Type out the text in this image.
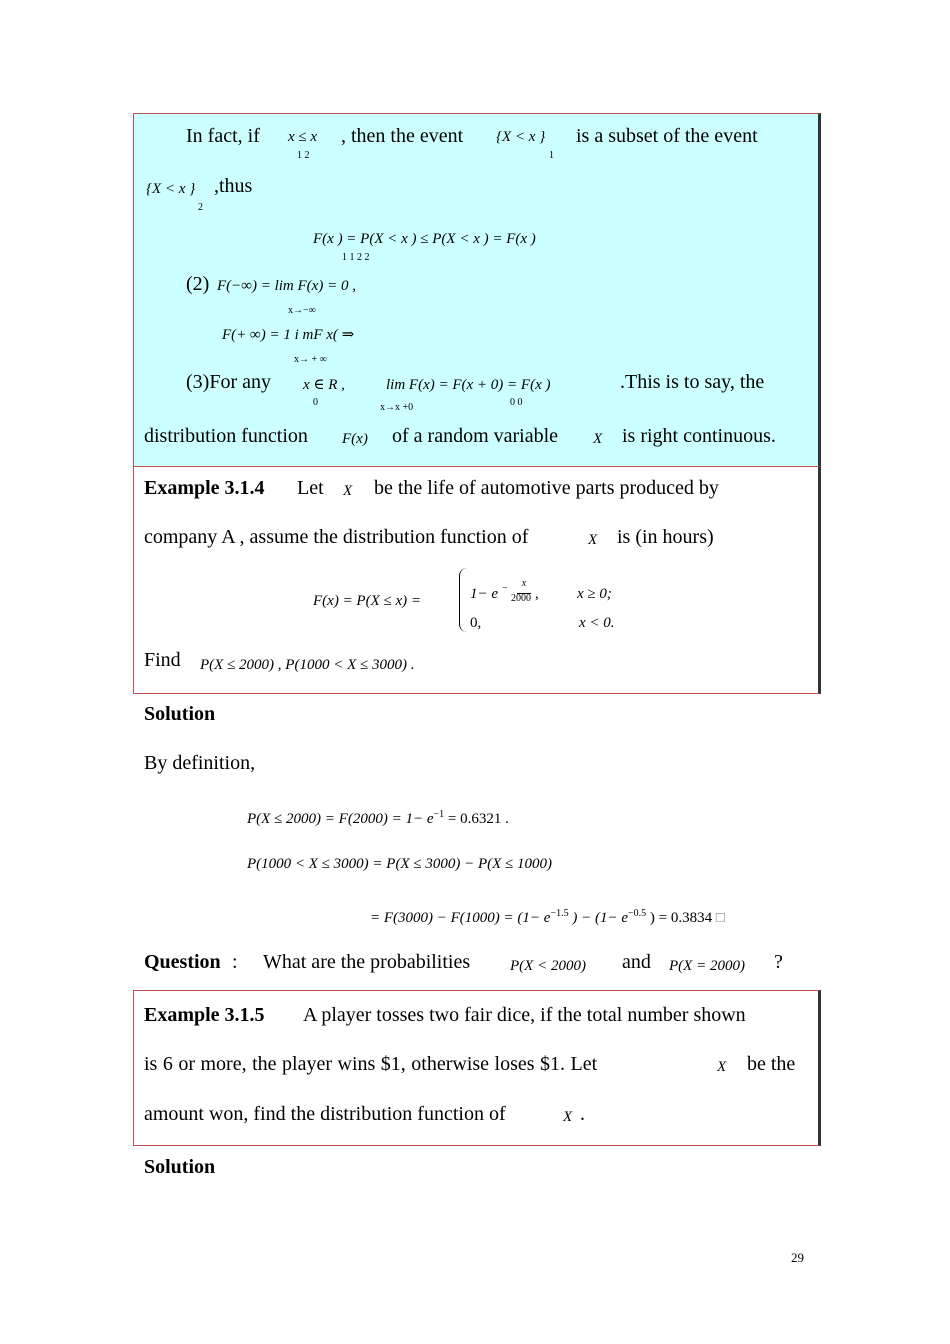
In fact, if x ≤ x
1 2
, then the event {X < x }
1
is a subset of the event
{X < x }
2
,thus
F(x ) = P(X < x ) ≤ P(X < x ) = F(x )
1 1 2 2
(2) F(−∞) = lim F(x) = 0 ,
x→−∞
F(+ ∞) = 1 i mF x( ⇒
x→ + ∞
(3)For any x ∈ R ,
0
lim F(x) = F(x + 0) = F(x )
x→x +0	0 0
.This is to say, the
distribution function F(x) of a random variable X is right continuous.
Example 3.1.4 Let X be the life of automotive parts produced by
company A , assume the distribution function of	X is (in hours)
F(x) = P(X ≤ x) =	1− e −	x
2000 ,	x ≥ 0;
0,	x < 0.
Find P(X ≤ 2000) , P(1000 < X ≤ 3000) .
Solution
By definition,
$P(X \le 2000) = F(2000) = 1- e^{-1} = 0.6321$ .
P(1000 < X ≤ 3000) = P(X ≤ 3000) − P(X ≤ 1000)
= $F(3000) - F(1000) = (1- e^{-1.5}$ ) − ($1- e^{-0.5}$ ) = 0.3834 □
Question : What are the probabilities	P(X < 2000) and P(X = 2000) ?
Example 3.1.5 A player tosses two fair dice, if the total number shown
is 6 or more, the player wins $1, otherwise loses $1. Let	X be the
amount won, find the distribution function of	X .
Solution
29
